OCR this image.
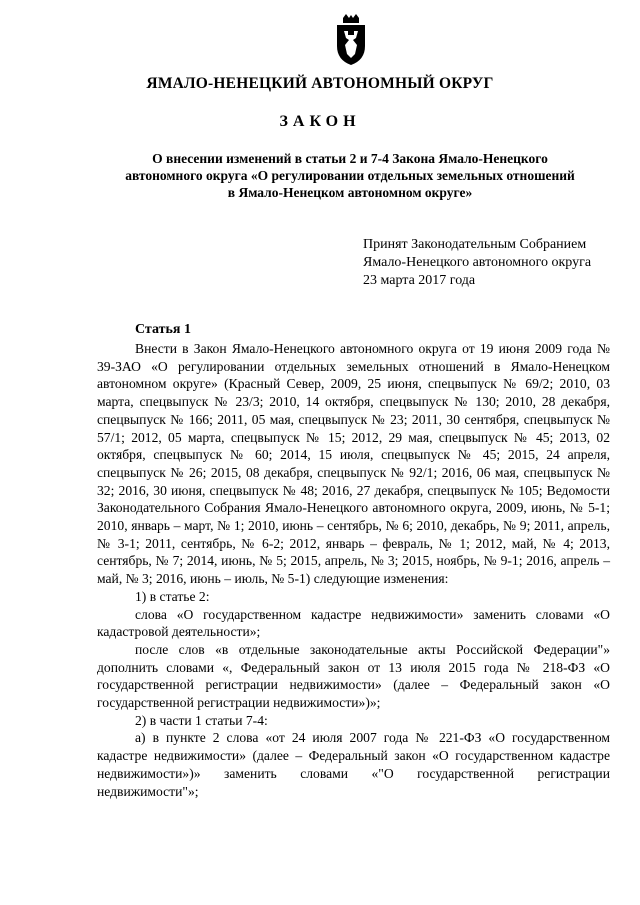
ЯМАЛО-НЕНЕЦКИЙ АВТОНОМНЫЙ ОКРУГ
ЗАКОН
О внесении изменений в статьи 2 и 7-4 Закона Ямало-Ненецкого автономного округа «О регулировании отдельных земельных отношений в Ямало-Ненецком автономном округе»
Принят Законодательным Собранием
Ямало-Ненецкого автономного округа
23 марта 2017 года
Статья 1

Внести в Закон Ямало-Ненецкого автономного округа от 19 июня 2009 года № 39-ЗАО «О регулировании отдельных земельных отношений в Ямало-Ненецком автономном округе» (Красный Север, 2009, 25 июня, спецвыпуск № 69/2; 2010, 03 марта, спецвыпуск № 23/3; 2010, 14 октября, спецвыпуск № 130; 2010, 28 декабря, спецвыпуск № 166; 2011, 05 мая, спецвыпуск № 23; 2011, 30 сентября, спецвыпуск № 57/1; 2012, 05 марта, спецвыпуск № 15; 2012, 29 мая, спецвыпуск № 45; 2013, 02 октября, спецвыпуск № 60; 2014, 15 июля, спецвыпуск № 45; 2015, 24 апреля, спецвыпуск № 26; 2015, 08 декабря, спецвыпуск № 92/1; 2016, 06 мая, спецвыпуск № 32; 2016, 30 июня, спецвыпуск № 48; 2016, 27 декабря, спецвыпуск № 105; Ведомости Законодательного Собрания Ямало-Ненецкого автономного округа, 2009, июнь, № 5-1; 2010, январь – март, № 1; 2010, июнь – сентябрь, № 6; 2010, декабрь, № 9; 2011, апрель, № 3-1; 2011, сентябрь, № 6-2; 2012, январь – февраль, № 1; 2012, май, № 4; 2013, сентябрь, № 7; 2014, июнь, № 5; 2015, апрель, № 3; 2015, ноябрь, № 9-1; 2016, апрель – май, № 3; 2016, июнь – июль, № 5-1) следующие изменения:

1) в статье 2:

слова «О государственном кадастре недвижимости» заменить словами «О кадастровой деятельности»;

после слов «в отдельные законодательные акты Российской Федерации"» дополнить словами «, Федеральный закон от 13 июля 2015 года № 218-ФЗ «О государственной регистрации недвижимости» (далее – Федеральный закон «О государственной регистрации недвижимости»)»;

2) в части 1 статьи 7-4:

а) в пункте 2 слова «от 24 июля 2007 года № 221-ФЗ «О государственном кадастре недвижимости» (далее – Федеральный закон «О государственном кадастре недвижимости»)» заменить словами «"О государственной регистрации недвижимости"»;
